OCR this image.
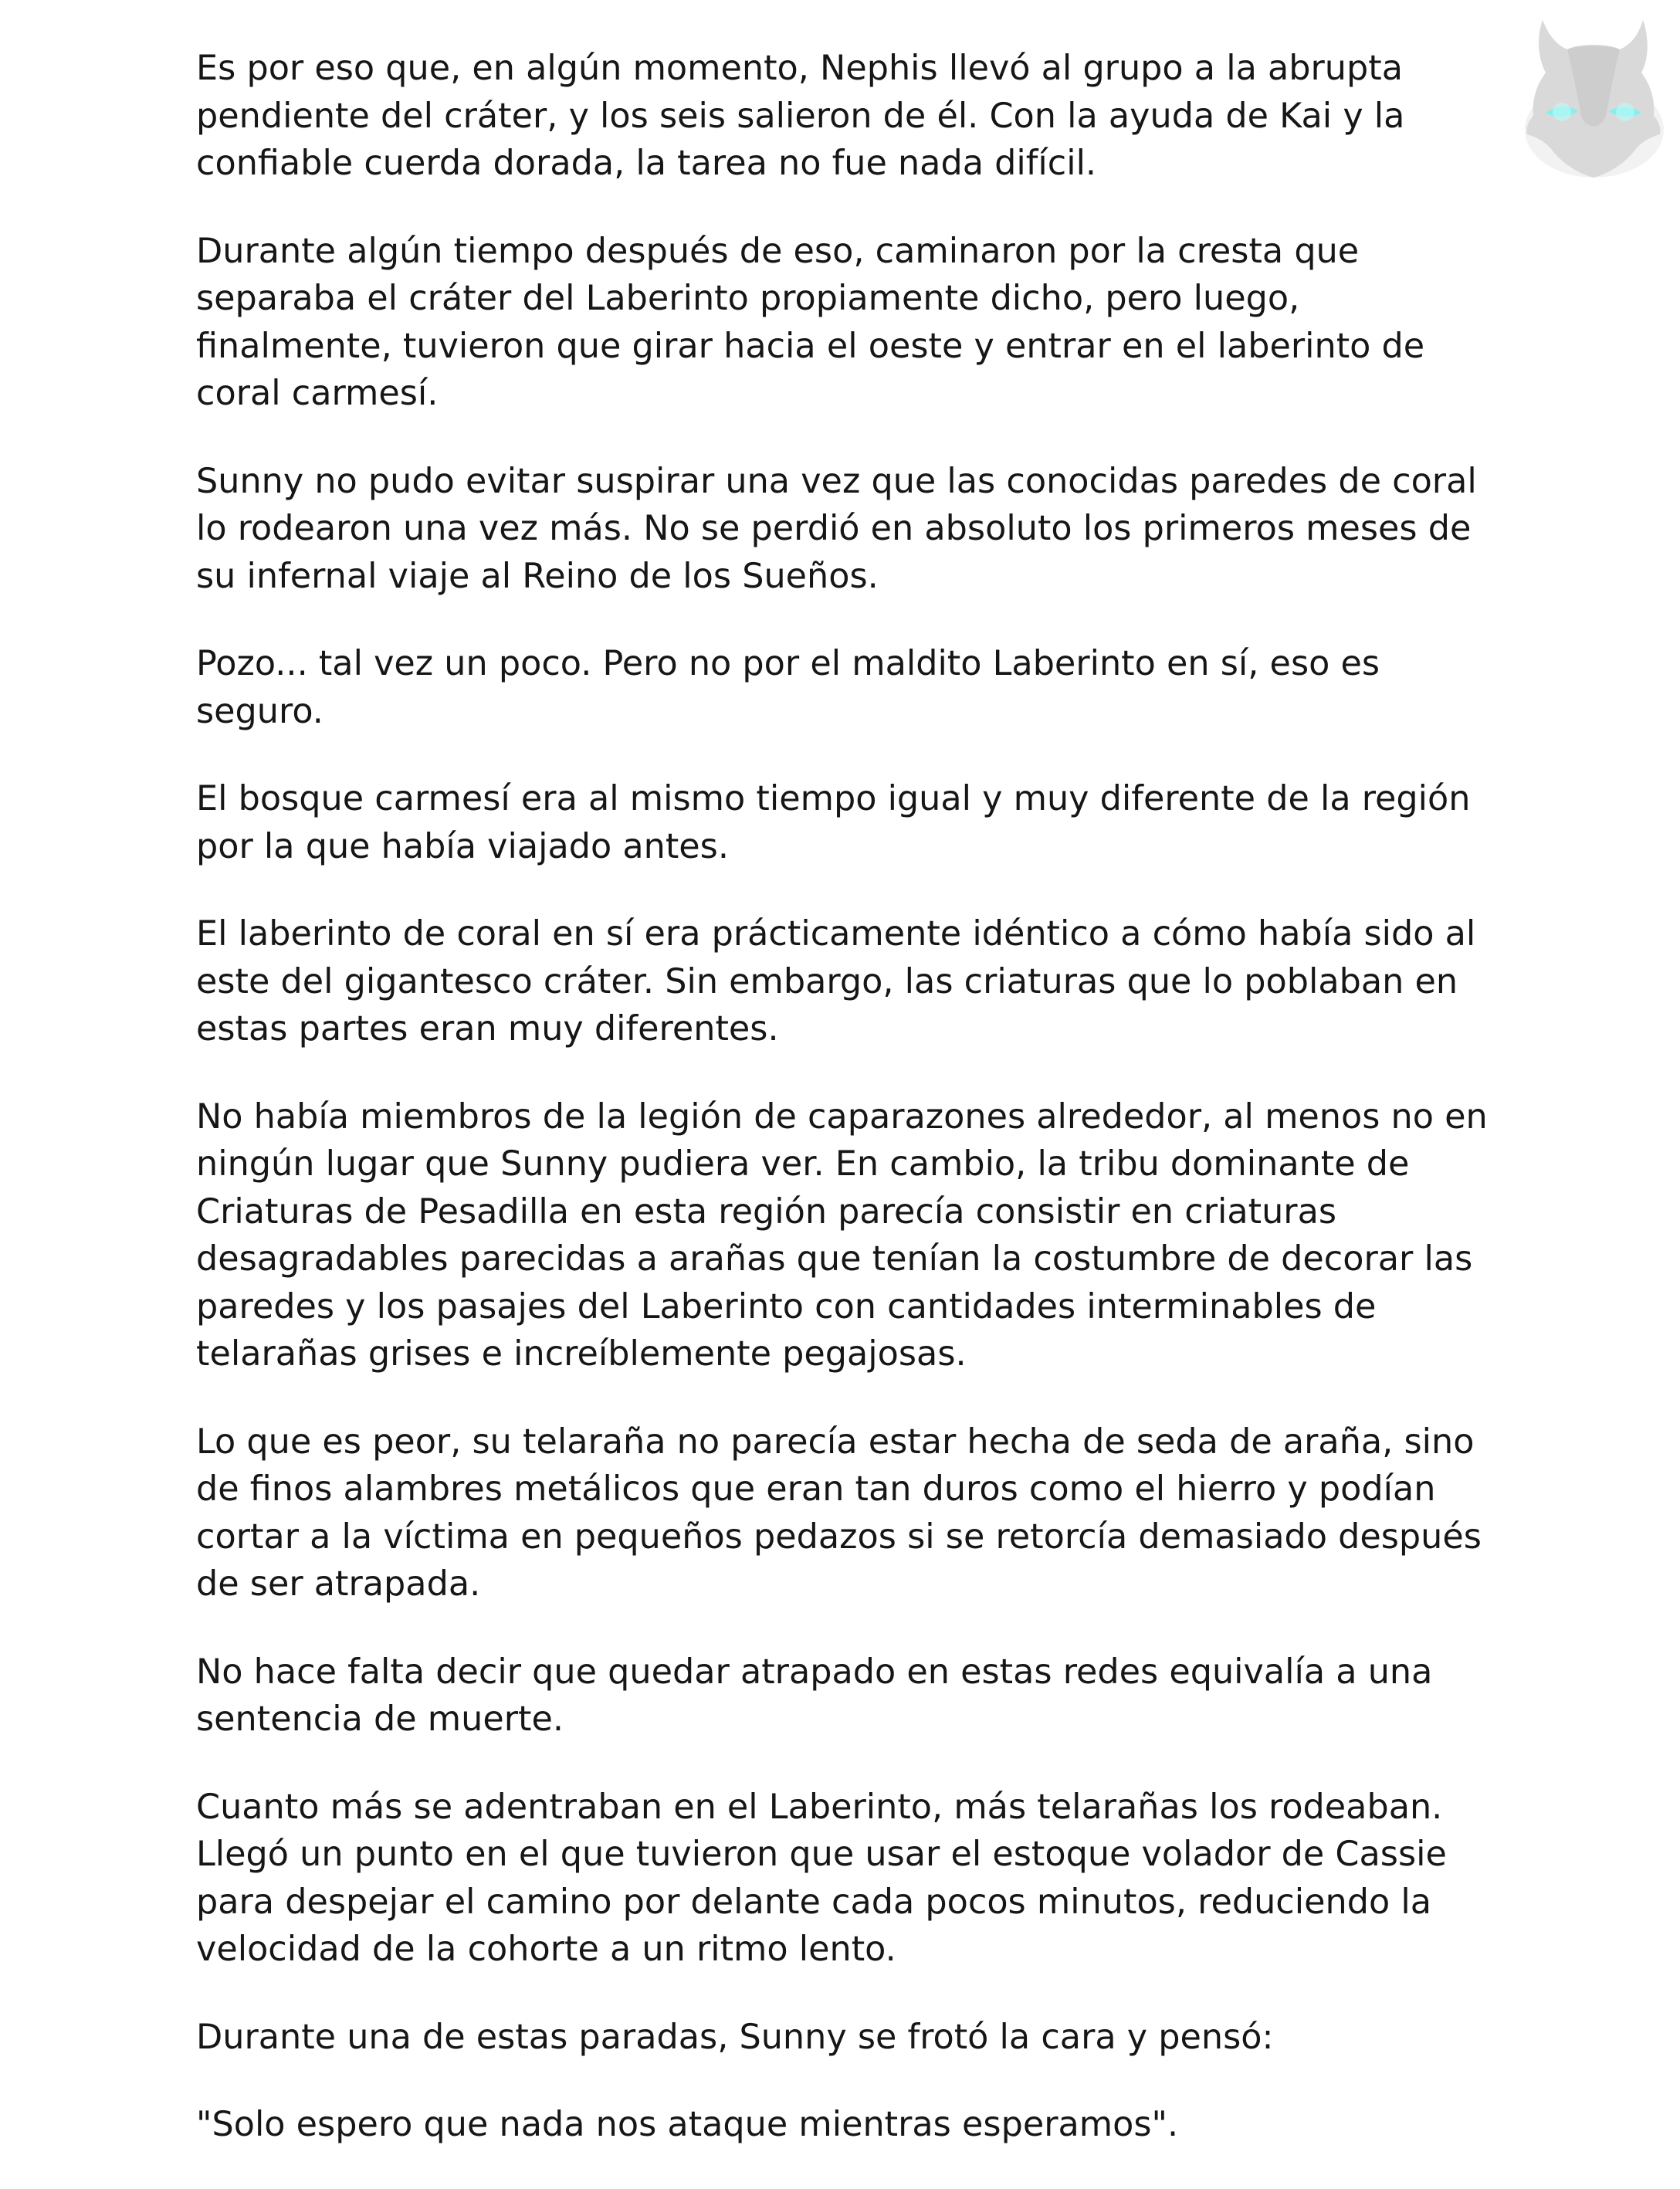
Es por eso que, en algún momento, Nephis llevó al grupo a la abrupta pendiente del cráter, y los seis salieron de él. Con la ayuda de Kai y la confiable cuerda dorada, la tarea no fue nada difícil.

Durante algún tiempo después de eso, caminaron por la cresta que separaba el cráter del Laberinto propiamente dicho, pero luego, finalmente, tuvieron que girar hacia el oeste y entrar en el laberinto de coral carmesí.

Sunny no pudo evitar suspirar una vez que las conocidas paredes de coral lo rodearon una vez más. No se perdió en absoluto los primeros meses de su infernal viaje al Reino de los Sueños.

Pozo... tal vez un poco. Pero no por el maldito Laberinto en sí, eso es seguro.

El bosque carmesí era al mismo tiempo igual y muy diferente de la región por la que había viajado antes.

El laberinto de coral en sí era prácticamente idéntico a cómo había sido al este del gigantesco cráter. Sin embargo, las criaturas que lo poblaban en estas partes eran muy diferentes.

No había miembros de la legión de caparazones alrededor, al menos no en ningún lugar que Sunny pudiera ver. En cambio, la tribu dominante de Criaturas de Pesadilla en esta región parecía consistir en criaturas desagradables parecidas a arañas que tenían la costumbre de decorar las paredes y los pasajes del Laberinto con cantidades interminables de telarañas grises e increíblemente pegajosas.

Lo que es peor, su telaraña no parecía estar hecha de seda de araña, sino de finos alambres metálicos que eran tan duros como el hierro y podían cortar a la víctima en pequeños pedazos si se retorcía demasiado después de ser atrapada.

No hace falta decir que quedar atrapado en estas redes equivalía a una sentencia de muerte.

Cuanto más se adentraban en el Laberinto, más telarañas los rodeaban. Llegó un punto en el que tuvieron que usar el estoque volador de Cassie para despejar el camino por delante cada pocos minutos, reduciendo la velocidad de la cohorte a un ritmo lento.

Durante una de estas paradas, Sunny se frotó la cara y pensó:

"Solo espero que nada nos ataque mientras esperamos".
